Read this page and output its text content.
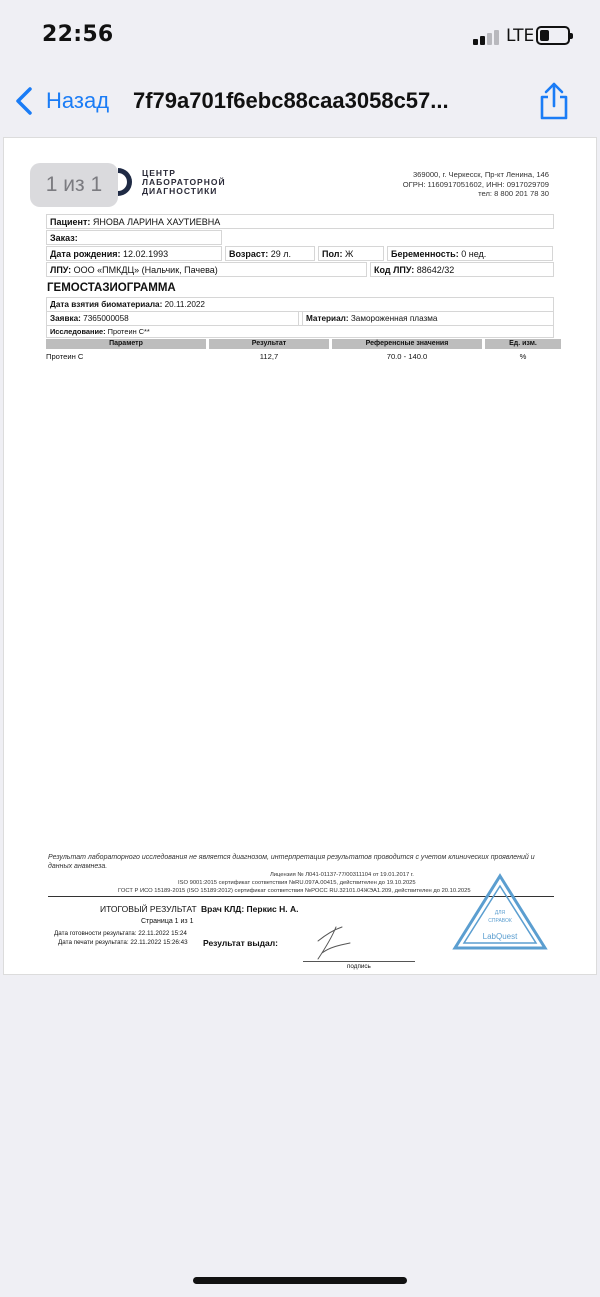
22:56	LTE
Назад 7f79a701f6ebc88caa3058c57...
ЦЕНТР
ЛАБОРАТОРНОЙ
ДИАГНОСТИКИ
1 из 1	369000, г. Черкесск, Пр-кт Ленина, 146
ОГРН: 1160917051602, ИНН: 0917029709
тел: 8 800 201 78 30
Пациент: ЯНОВА ЛАРИНА ХАУТИЕВНА
Заказ:
Дата рождения: 12.02.1993	Возраст: 29 л.	Пол: Ж	Беременность: 0 нед.
ЛПУ: ООО «ПМКДЦ» (Нальчик, Пачева)	Код ЛПУ: 88642/32
ГЕМОСТАЗИОГРАММА
Дата взятия биоматериала: 20.11.2022
Заявка: 7365000058	Материал: Замороженная плазма
Исследование: Протеин С**
Параметр	Результат	Референсные значения	Ед. изм.
Протеин С	112,7	70.0 - 140.0	%
Результат лабораторного исследования не является диагнозом, интерпретация результатов проводится с учетом клинических проявлений и данных анамнеза.
Лицензия № Л041-01137-77/00311104 от 19.01.2017 г.
ISO 9001:2015 сертификат соответствия №RU.097А.00415, действителен до 19.10.2025
ГОСТ Р ИСО 15189-2015 (ISO 15189:2012) сертификат соответствия №РОСС RU.32101.04ЖЭА1.209, действителен до 20.10.2025
ИТОГОВЫЙ РЕЗУЛЬТАТ Врач КЛД: Перкис Н. А.
Страница 1 из 1
Дата готовности результата: 22.11.2022 15:24
Дата печати результата: 22.11.2022 15:26:43 Результат выдал:
подпись
ДЛЯ
СПРАВОК
LabQuest
